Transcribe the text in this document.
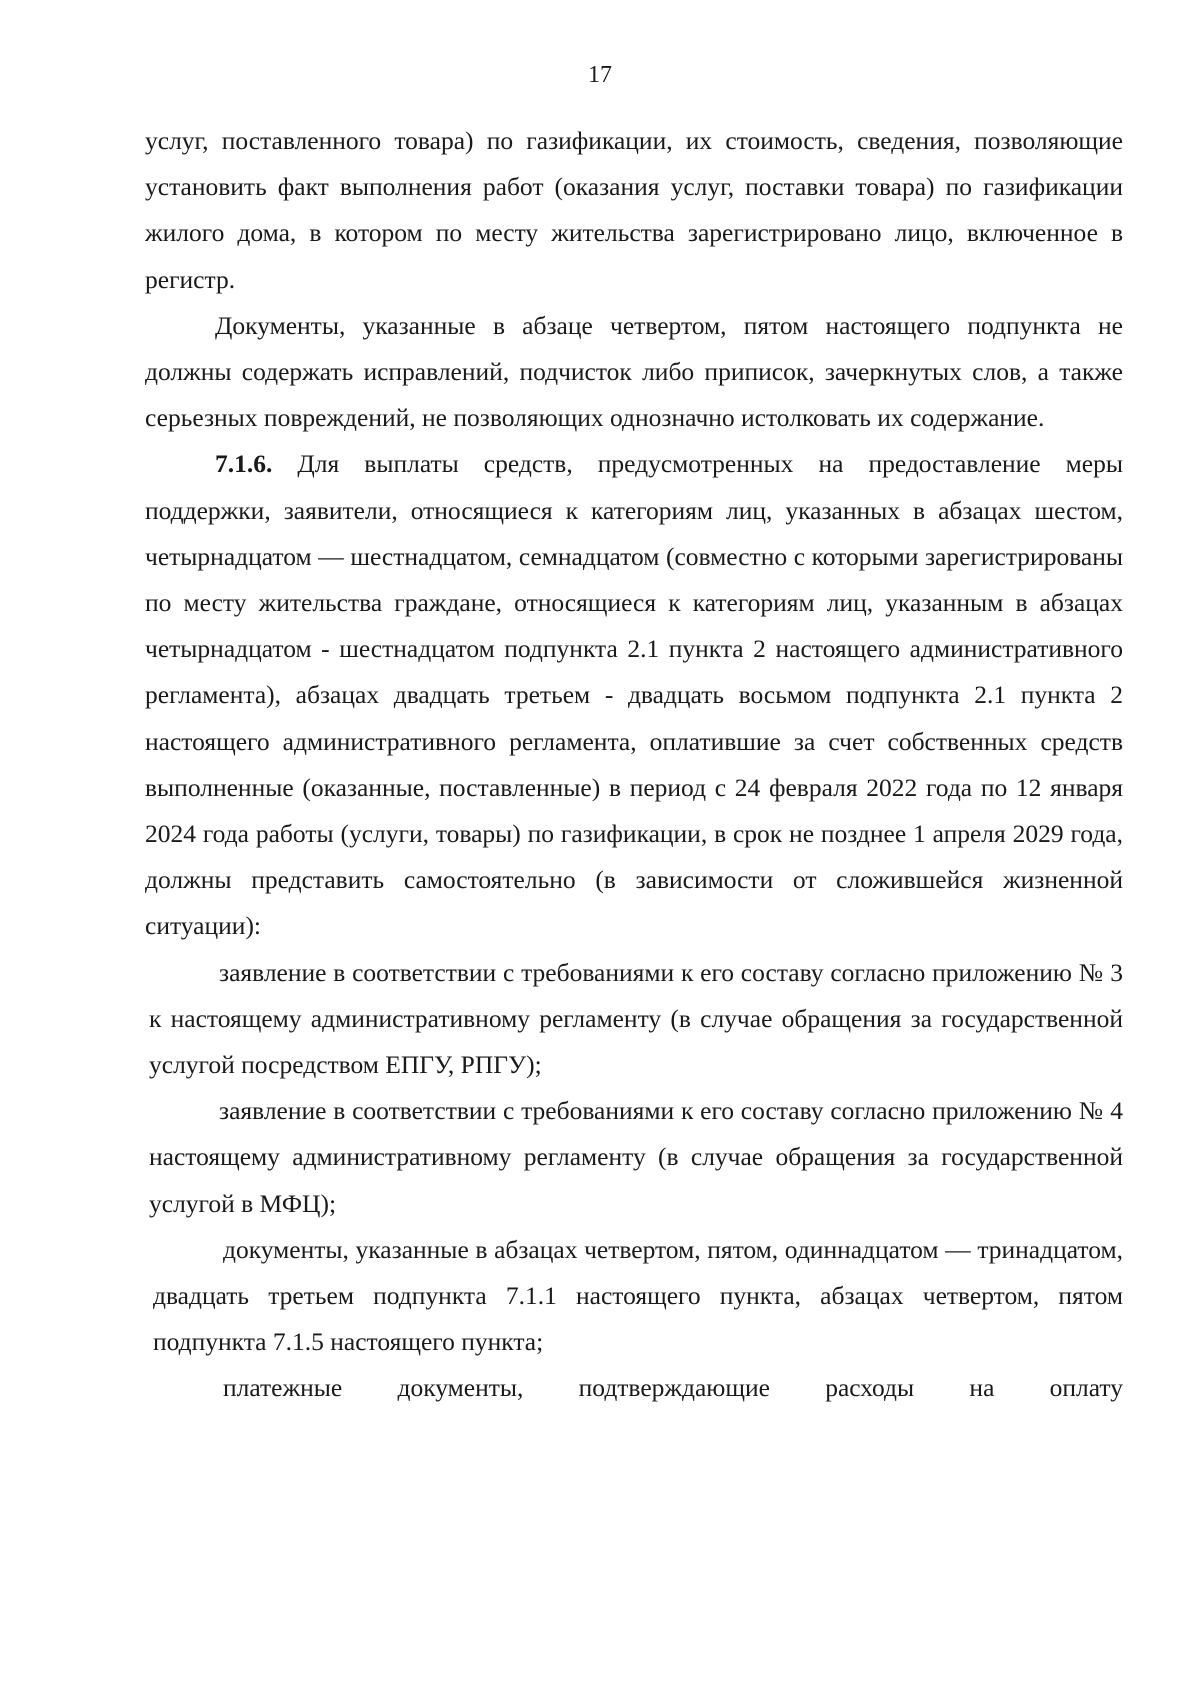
17

услуг, поставленного товара) по газификации, их стоимость, сведения, позволяющие установить факт выполнения работ (оказания услуг, поставки товара) по газификации жилого дома, в котором по месту жительства зарегистрировано лицо, включенное в регистр.

Документы, указанные в абзаце четвертом, пятом настоящего подпункта не должны содержать исправлений, подчисток либо приписок, зачеркнутых слов, а также серьезных повреждений, не позволяющих однозначно истолковать их содержание.

7.1.6. Для выплаты средств, предусмотренных на предоставление меры поддержки, заявители, относящиеся к категориям лиц, указанных в абзацах шестом, четырнадцатом — шестнадцатом, семнадцатом (совместно с которыми зарегистрированы по месту жительства граждане, относящиеся к категориям лиц, указанным в абзацах четырнадцатом - шестнадцатом подпункта 2.1 пункта 2 настоящего административного регламента), абзацах двадцать третьем - двадцать восьмом подпункта 2.1 пункта 2 настоящего административного регламента, оплатившие за счет собственных средств выполненные (оказанные, поставленные) в период с 24 февраля 2022 года по 12 января 2024 года работы (услуги, товары) по газификации, в срок не позднее 1 апреля 2029 года, должны представить самостоятельно (в зависимости от сложившейся жизненной ситуации):

заявление в соответствии с требованиями к его составу согласно приложению № 3 к настоящему административному регламенту (в случае обращения за государственной услугой посредством ЕПГУ, РПГУ);

заявление в соответствии с требованиями к его составу согласно приложению № 4 настоящему административному регламенту (в случае обращения за государственной услугой в МФЦ);

документы, указанные в абзацах четвертом, пятом, одиннадцатом — тринадцатом, двадцать третьем подпункта 7.1.1 настоящего пункта, абзацах четвертом, пятом подпункта 7.1.5 настоящего пункта;

платежные документы, подтверждающие расходы на оплату
